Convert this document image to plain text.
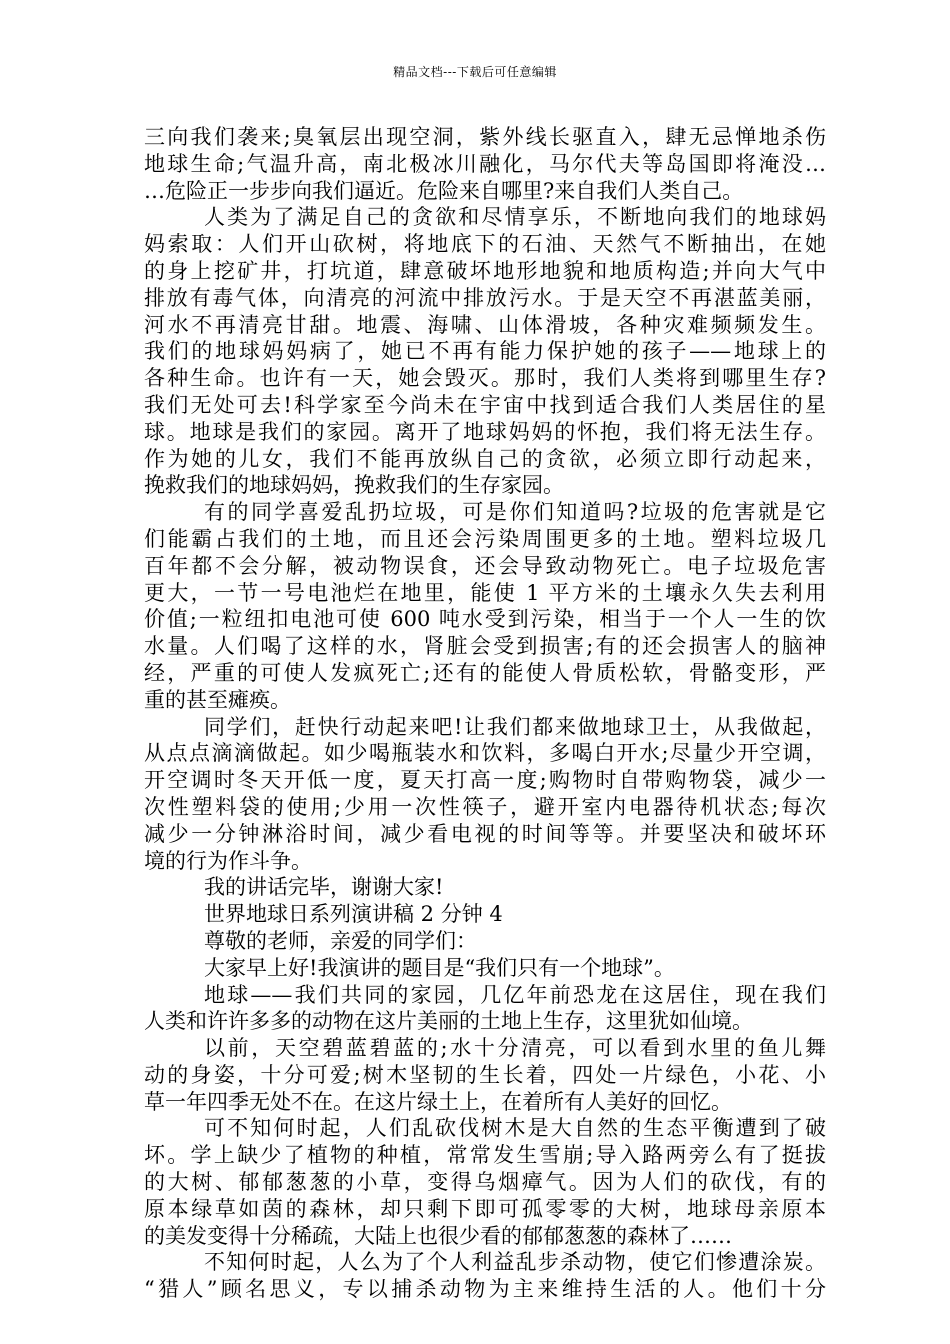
精品文档---下载后可任意编辑
三向我们袭来;臭氧层出现空洞，紫外线长驱直入，肆无忌惮地杀伤
地球生命;气温升高，南北极冰川融化，马尔代夫等岛国即将淹没…
…危险正一步步向我们逼近。危险来自哪里?来自我们人类自己。
人类为了满足自己的贪欲和尽情享乐，不断地向我们的地球妈
妈索取：人们开山砍树，将地底下的石油、天然气不断抽出，在她
的身上挖矿井，打坑道，肆意破坏地形地貌和地质构造;并向大气中
排放有毒气体，向清亮的河流中排放污水。于是天空不再湛蓝美丽，
河水不再清亮甘甜。地震、海啸、山体滑坡，各种灾难频频发生。
我们的地球妈妈病了，她已不再有能力保护她的孩子——地球上的
各种生命。也许有一天，她会毁灭。那时，我们人类将到哪里生存?
我们无处可去!科学家至今尚未在宇宙中找到适合我们人类居住的星
球。地球是我们的家园。离开了地球妈妈的怀抱，我们将无法生存。
作为她的儿女，我们不能再放纵自己的贪欲，必须立即行动起来，
挽救我们的地球妈妈，挽救我们的生存家园。
有的同学喜爱乱扔垃圾，可是你们知道吗?垃圾的危害就是它
们能霸占我们的土地，而且还会污染周围更多的土地。塑料垃圾几
百年都不会分解，被动物误食，还会导致动物死亡。电子垃圾危害
更大，一节一号电池烂在地里，能使 1 平方米的土壤永久失去利用
价值;一粒纽扣电池可使 600 吨水受到污染，相当于一个人一生的饮
水量。人们喝了这样的水，肾脏会受到损害;有的还会损害人的脑神
经，严重的可使人发疯死亡;还有的能使人骨质松软，骨骼变形，严
重的甚至瘫痪。
同学们，赶快行动起来吧!让我们都来做地球卫士，从我做起，
从点点滴滴做起。如少喝瓶装水和饮料，多喝白开水;尽量少开空调，
开空调时冬天开低一度，夏天打高一度;购物时自带购物袋，减少一
次性塑料袋的使用;少用一次性筷子，避开室内电器待机状态;每次
减少一分钟淋浴时间，减少看电视的时间等等。并要坚决和破坏环
境的行为作斗争。
我的讲话完毕，谢谢大家!
世界地球日系列演讲稿 2 分钟 4
尊敬的老师，亲爱的同学们：
大家早上好!我演讲的题目是“我们只有一个地球”。
地球——我们共同的家园，几亿年前恐龙在这居住，现在我们
人类和许许多多的动物在这片美丽的土地上生存，这里犹如仙境。
以前，天空碧蓝碧蓝的;水十分清亮，可以看到水里的鱼儿舞
动的身姿，十分可爱;树木坚韧的生长着，四处一片绿色，小花、小
草一年四季无处不在。在这片绿土上，在着所有人美好的回忆。
可不知何时起，人们乱砍伐树木是大自然的生态平衡遭到了破
坏。学上缺少了植物的种植，常常发生雪崩;导入路两旁么有了挺拔
的大树、郁郁葱葱的小草，变得乌烟瘴气。因为人们的砍伐，有的
原本绿草如茵的森林，却只剩下即可孤零零的大树，地球母亲原本
的美发变得十分稀疏，大陆上也很少看的郁郁葱葱的森林了……
不知何时起，人么为了个人利益乱步杀动物，使它们惨遭涂炭。
“猎人”顾名思义，专以捕杀动物为主来维持生活的人。他们十分
